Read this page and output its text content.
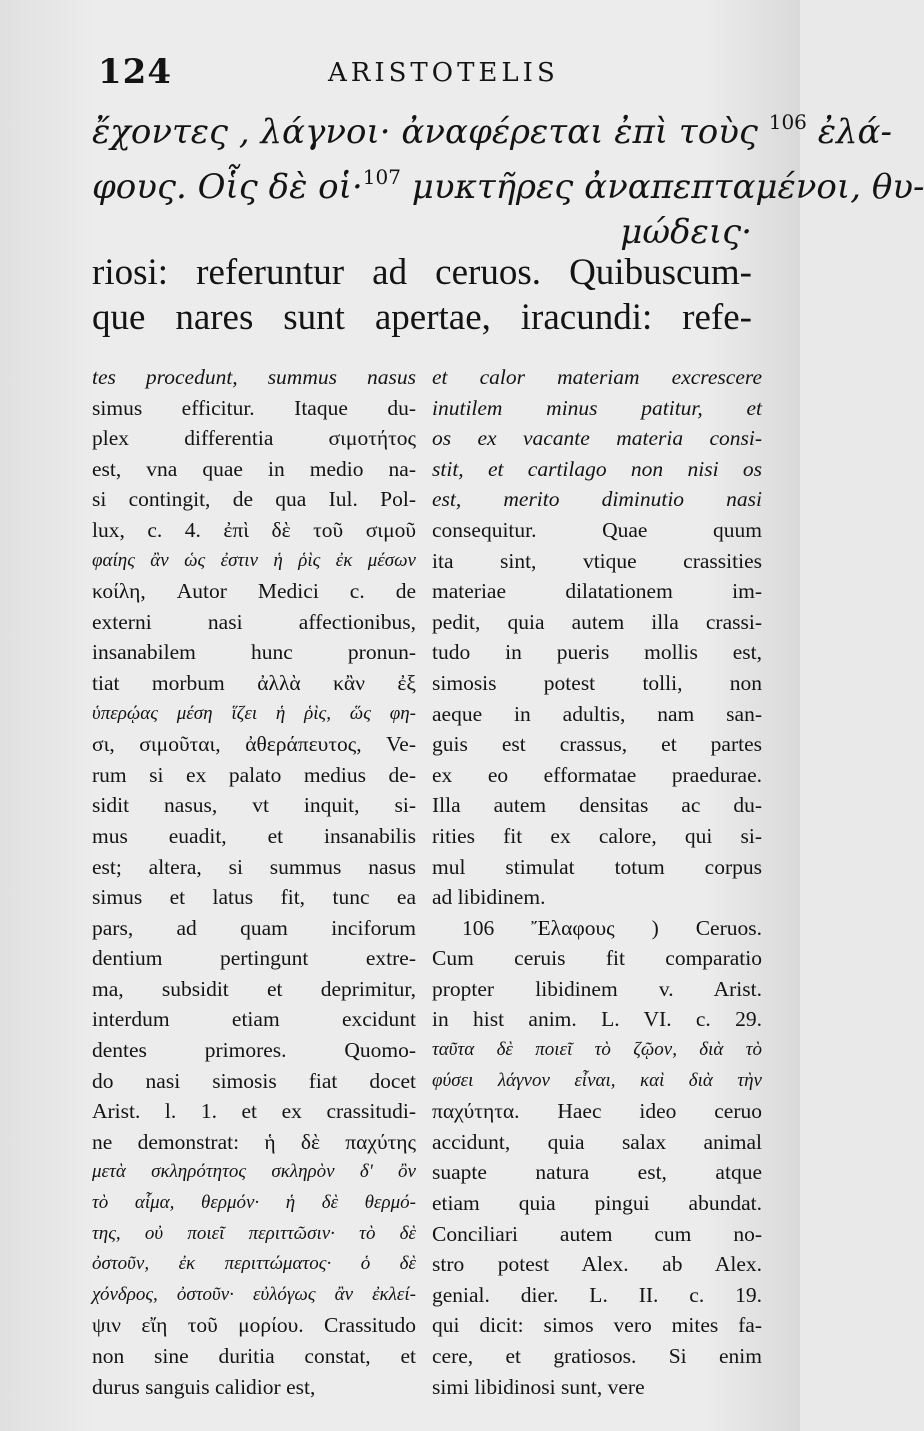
124	ARISTOTELIS
ἔχοντες , λάγνοι· ἀναφέρεται ἐπὶ τοὺς $^{106}$ ἐλά-
φους. Οἷς δὲ οἱ·$^{107}$ μυκτῆρες ἀναπεπταμένοι, θυ-
μώδεις·
riosi: referuntur ad ceruos. Quibuscum-
que nares sunt apertae, iracundi: refe-
tes procedunt, summus nasus
simus efficitur. Itaque du-
plex differentia σιμοτήτος
est, vna quae in medio na-
si contingit, de qua Iul. Pol-
lux, c. 4. ἐπὶ δὲ τοῦ σιμοῦ
φαίης ἂν ὡς ἐστιν ἡ ῥὶς ἐκ μέσων
κοίλη, Autor Medici c. de
externi nasi affectionibus,
insanabilem hunc pronun-
tiat morbum ἀλλὰ κἂν ἐξ
ὑπερῴας μέση ἵζει ἡ ῥὶς, ὥς φη-
σι, σιμοῦται, ἀθεράπευτος, Ve-
rum si ex palato medius de-
sidit nasus, vt inquit, si-
mus euadit, et insanabilis
est; altera, si summus nasus
simus et latus fit, tunc ea
pars, ad quam inciforum
dentium pertingunt extre-
ma, subsidit et deprimitur,
interdum etiam excidunt
dentes primores. Quomo-
do nasi simosis fiat docet
Arist. l. 1. et ex crassitudi-
ne demonstrat: ἡ δὲ παχύτης
μετὰ σκληρότητος σκληρὸν δ' ὂν
τὸ αἷμα, θερμόν· ἡ δὲ θερμό-
της, οὐ ποιεῖ περιττῶσιν· τὸ δὲ
ὀστοῦν, ἐκ περιττώματος· ὁ δὲ
χόνδρος, ὀστοῦν· εὐλόγως ἂν ἐκλεί-
ψιν εἴη τοῦ μορίου. Crassitudo
non sine duritia constat, et
durus sanguis calidior est,
et calor materiam excrescere
inutilem minus patitur, et
os ex vacante materia consi-
stit, et cartilago non nisi os
est, merito diminutio nasi
consequitur. Quae quum
ita sint, vtique crassities
materiae dilatationem im-
pedit, quia autem illa crassi-
tudo in pueris mollis est,
simosis potest tolli, non
aeque in adultis, nam san-
guis est crassus, et partes
ex eo efformatae praedurae.
Illa autem densitas ac du-
rities fit ex calore, qui si-
mul stimulat totum corpus
ad libidinem.
106 Ἔλαφους ) Ceruos.
Cum ceruis fit comparatio
propter libidinem v. Arist.
in hist anim. L. VI. c. 29.
ταῦτα δὲ ποιεῖ τὸ ζῷον, διὰ τὸ
φύσει λάγνον εἶναι, καὶ διὰ τὴν
παχύτητα. Haec ideo ceruo
accidunt, quia salax animal
suapte natura est, atque
etiam quia pingui abundat.
Conciliari autem cum no-
stro potest Alex. ab Alex.
genial. dier. L. II. c. 19.
qui dicit: simos vero mites fa-
cere, et gratiosos. Si enim
simi libidinosi sunt, vere
